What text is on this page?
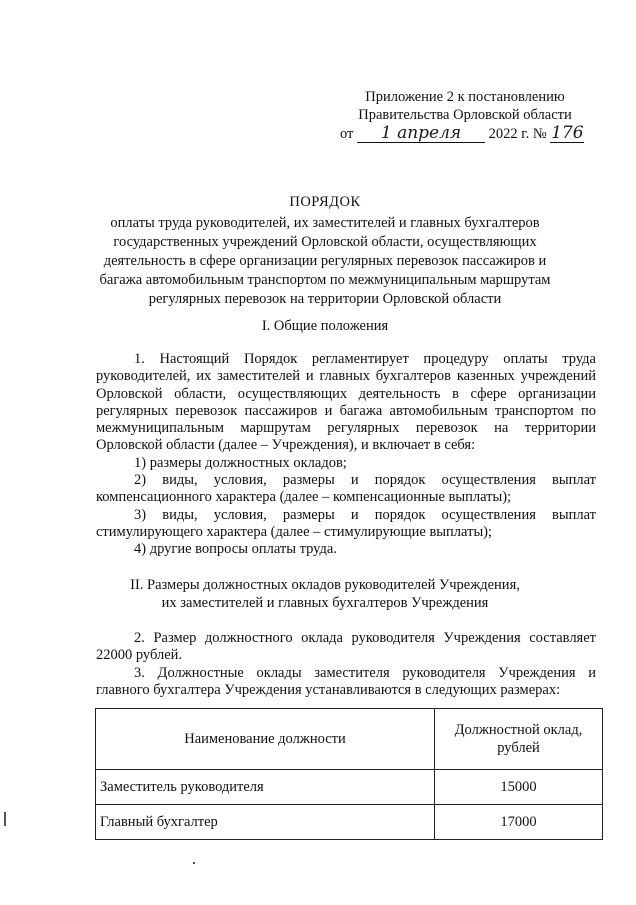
Приложение 2 к постановлению
Правительства Орловской области
от 1 апреля 2022 г. № 176
ПОРЯДОК
оплаты труда руководителей, их заместителей и главных бухгалтеров
государственных учреждений Орловской области, осуществляющих
деятельность в сфере организации регулярных перевозок пассажиров и
багажа автомобильным транспортом по межмуниципальным маршрутам
регулярных перевозок на территории Орловской области
I. Общие положения

1. Настоящий Порядок регламентирует процедуру оплаты труда руководителей, их заместителей и главных бухгалтеров казенных учреждений Орловской области, осуществляющих деятельность в сфере организации регулярных перевозок пассажиров и багажа автомобильным транспортом по межмуниципальным маршрутам регулярных перевозок на территории Орловской области (далее – Учреждения), и включает в себя:

1) размеры должностных окладов;

2) виды, условия, размеры и порядок осуществления выплат компенсационного характера (далее – компенсационные выплаты);

3) виды, условия, размеры и порядок осуществления выплат стимулирующего характера (далее – стимулирующие выплаты);

4) другие вопросы оплаты труда.

II. Размеры должностных окладов руководителей Учреждения,
их заместителей и главных бухгалтеров Учреждения

2. Размер должностного оклада руководителя Учреждения составляет 22000 рублей.

3. Должностные оклады заместителя руководителя Учреждения и главного бухгалтера Учреждения устанавливаются в следующих размерах:

Наименование должности	Должностной оклад, рублей
Заместитель руководителя	15000
Главный бухгалтер	17000
